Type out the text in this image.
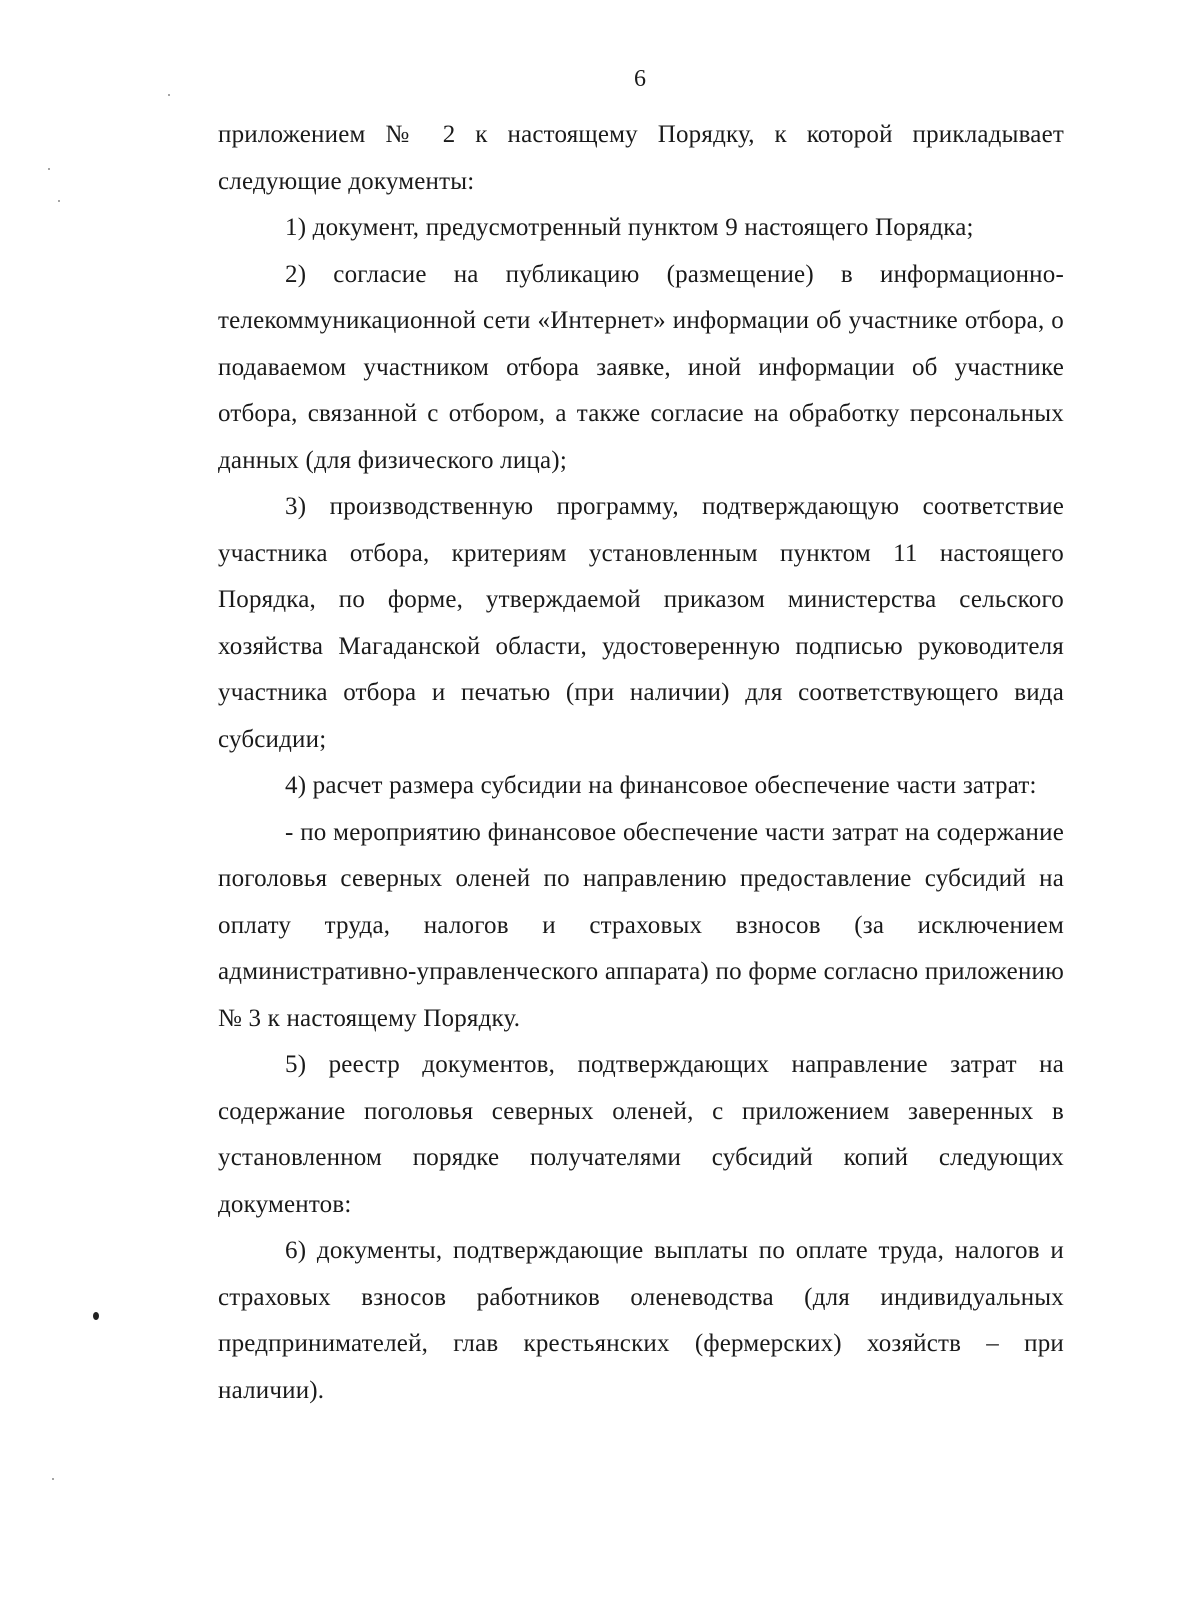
6

приложением № 2 к настоящему Порядку, к которой прикладывает следующие документы:

1) документ, предусмотренный пунктом 9 настоящего Порядка;

2) согласие на публикацию (размещение) в информационно-телекоммуникационной сети «Интернет» информации об участнике отбора, о подаваемом участником отбора заявке, иной информации об участнике отбора, связанной с отбором, а также согласие на обработку персональных данных (для физического лица);

3) производственную программу, подтверждающую соответствие участника отбора, критериям установленным пунктом 11 настоящего Порядка, по форме, утверждаемой приказом министерства сельского хозяйства Магаданской области, удостоверенную подписью руководителя участника отбора и печатью (при наличии) для соответствующего вида субсидии;

4) расчет размера субсидии на финансовое обеспечение части затрат:

- по мероприятию финансовое обеспечение части затрат на содержание поголовья северных оленей по направлению предоставление субсидий на оплату труда, налогов и страховых взносов (за исключением административно-управленческого аппарата) по форме согласно приложению № 3 к настоящему Порядку.

5) реестр документов, подтверждающих направление затрат на содержание поголовья северных оленей, с приложением заверенных в установленном порядке получателями субсидий копий следующих документов:

6) документы, подтверждающие выплаты по оплате труда, налогов и страховых взносов работников оленеводства (для индивидуальных предпринимателей, глав крестьянских (фермерских) хозяйств – при наличии).
